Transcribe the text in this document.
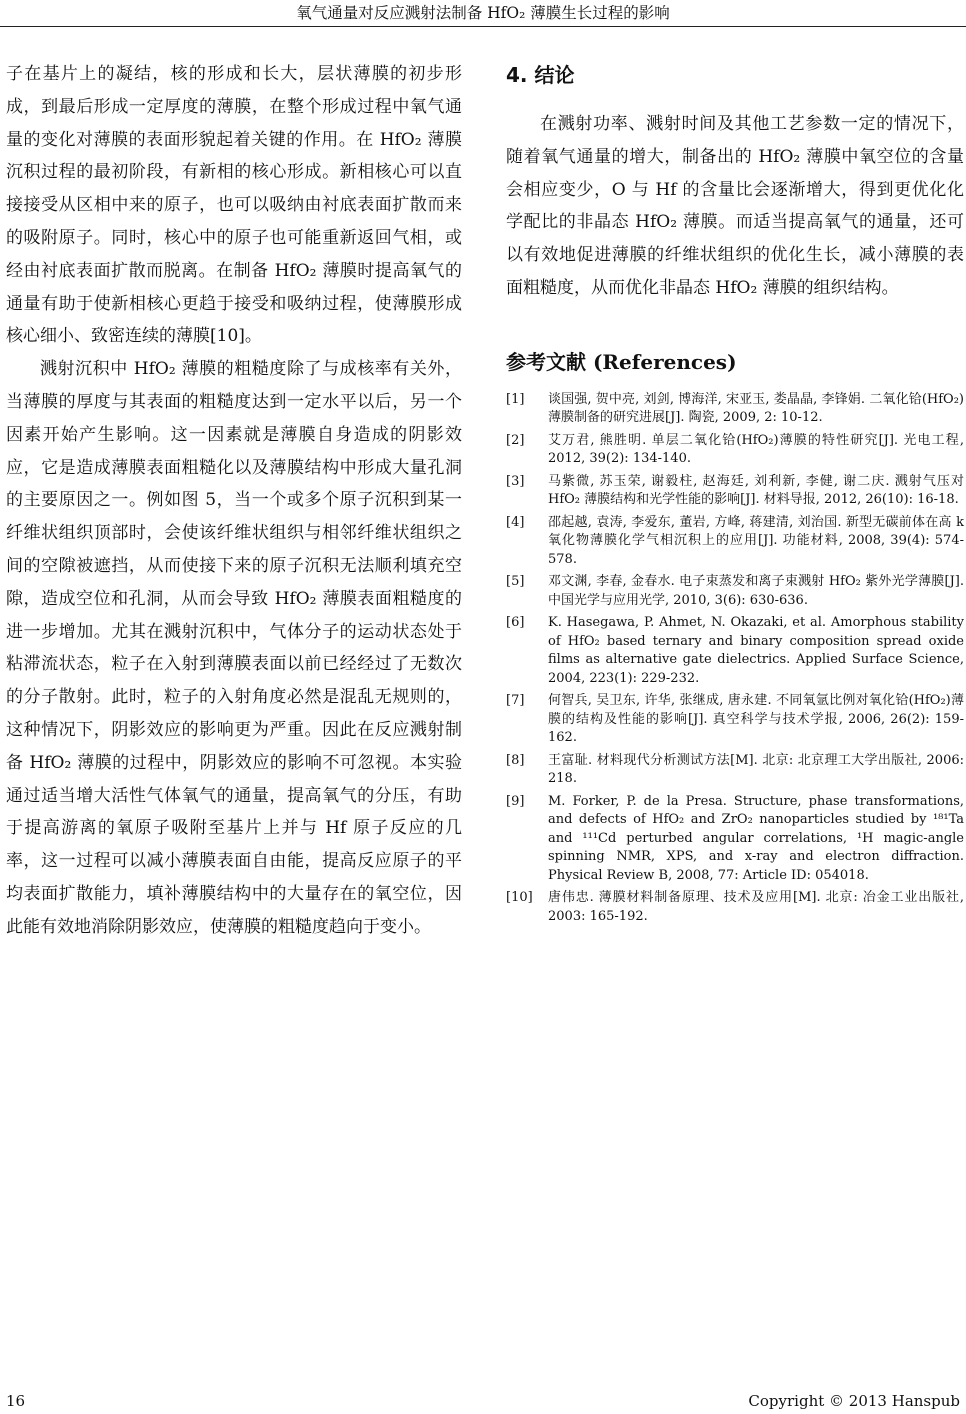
氧气通量对反应溅射法制备 HfO₂ 薄膜生长过程的影响

子在基片上的凝结，核的形成和长大，层状薄膜的初步形成，到最后形成一定厚度的薄膜，在整个形成过程中氧气通量的变化对薄膜的表面形貌起着关键的作用。在 HfO₂ 薄膜沉积过程的最初阶段，有新相的核心形成。新相核心可以直接接受从区相中来的原子，也可以吸纳由衬底表面扩散而来的吸附原子。同时，核心中的原子也可能重新返回气相，或经由衬底表面扩散而脱离。在制备 HfO₂ 薄膜时提高氧气的通量有助于使新相核心更趋于接受和吸纳过程，使薄膜形成核心细小、致密连续的薄膜[10]。

溅射沉积中 HfO₂ 薄膜的粗糙度除了与成核率有关外，当薄膜的厚度与其表面的粗糙度达到一定水平以后，另一个因素开始产生影响。这一因素就是薄膜自身造成的阴影效应，它是造成薄膜表面粗糙化以及薄膜结构中形成大量孔洞的主要原因之一。例如图 5，当一个或多个原子沉积到某一纤维状组织顶部时，会使该纤维状组织与相邻纤维状组织之间的空隙被遮挡，从而使接下来的原子沉积无法顺利填充空隙，造成空位和孔洞，从而会导致 HfO₂ 薄膜表面粗糙度的进一步增加。尤其在溅射沉积中，气体分子的运动状态处于粘滞流状态，粒子在入射到薄膜表面以前已经经过了无数次的分子散射。此时，粒子的入射角度必然是混乱无规则的，这种情况下，阴影效应的影响更为严重。因此在反应溅射制备 HfO₂ 薄膜的过程中，阴影效应的影响不可忽视。本实验通过适当增大活性气体氧气的通量，提高氧气的分压，有助于提高游离的氧原子吸附至基片上并与 Hf 原子反应的几率，这一过程可以减小薄膜表面自由能，提高反应原子的平均表面扩散能力，填补薄膜结构中的大量存在的氧空位，因此能有效地消除阴影效应，使薄膜的粗糙度趋向于变小。

4. 结论

在溅射功率、溅射时间及其他工艺参数一定的情况下，随着氧气通量的增大，制备出的 HfO₂ 薄膜中氧空位的含量会相应变少，O 与 Hf 的含量比会逐渐增大，得到更优化化学配比的非晶态 HfO₂ 薄膜。而适当提高氧气的通量，还可以有效地促进薄膜的纤维状组织的优化生长，减小薄膜的表面粗糙度，从而优化非晶态 HfO₂ 薄膜的组织结构。

参考文献 (References)
[1]	谈国强, 贺中亮, 刘剑, 博海洋, 宋亚玉, 娄晶晶, 李锋娟. 二氧化铪(HfO₂)薄膜制备的研究进展[J]. 陶瓷, 2009, 2: 10-12.
[2]	艾万君, 熊胜明. 单层二氧化铪(HfO₂)薄膜的特性研究[J]. 光电工程, 2012, 39(2): 134-140.
[3]	马紫微, 苏玉荣, 谢毅柱, 赵海廷, 刘利新, 李健, 谢二庆. 溅射气压对 HfO₂ 薄膜结构和光学性能的影响[J]. 材料导报, 2012, 26(10): 16-18.
[4]	邵起越, 袁涛, 李爱东, 董岩, 方峰, 蒋建清, 刘治国. 新型无碳前体在高 k 氧化物薄膜化学气相沉积上的应用[J]. 功能材料, 2008, 39(4): 574-578.
[5]	邓文渊, 李春, 金春水. 电子束蒸发和离子束溅射 HfO₂ 紫外光学薄膜[J]. 中国光学与应用光学, 2010, 3(6): 630-636.
[6]	K. Hasegawa, P. Ahmet, N. Okazaki, et al. Amorphous stability of HfO₂ based ternary and binary composition spread oxide films as alternative gate dielectrics. Applied Surface Science, 2004, 223(1): 229-232.
[7]	何智兵, 吴卫东, 许华, 张继成, 唐永建. 不同氧氩比例对氧化铪(HfO₂)薄膜的结构及性能的影响[J]. 真空科学与技术学报, 2006, 26(2): 159-162.
[8]	王富耻. 材料现代分析测试方法[M]. 北京: 北京理工大学出版社, 2006: 218.
[9]	M. Forker, P. de la Presa. Structure, phase transformations, and defects of HfO₂ and ZrO₂ nanoparticles studied by ¹⁸¹Ta and ¹¹¹Cd perturbed angular correlations, ¹H magic-angle spinning NMR, XPS, and x-ray and electron diffraction. Physical Review B, 2008, 77: Article ID: 054018.
[10]	唐伟忠. 薄膜材料制备原理、技术及应用[M]. 北京: 冶金工业出版社, 2003: 165-192.
16	Copyright © 2013 Hanspub
